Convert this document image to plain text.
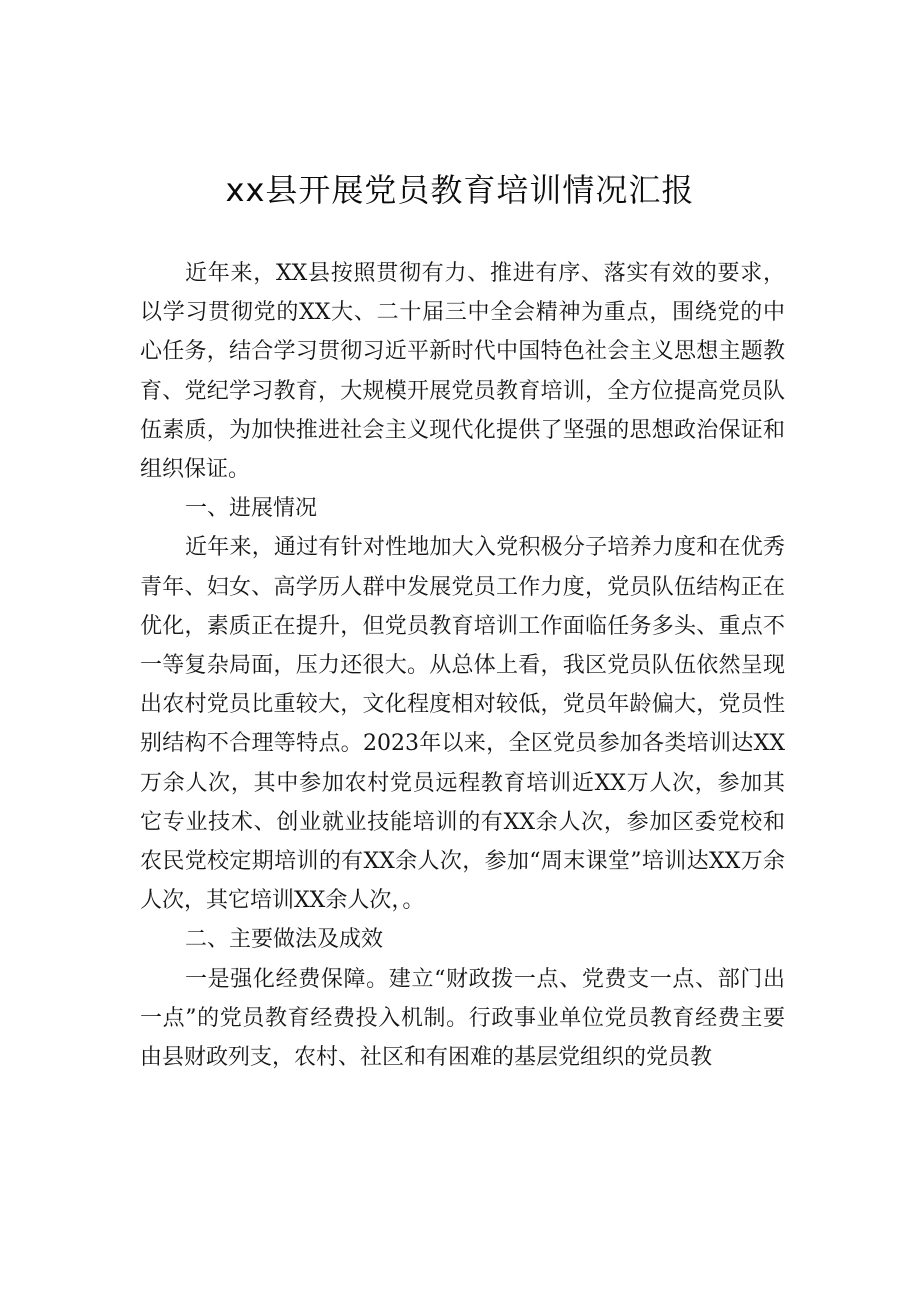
xx县开展党员教育培训情况汇报

近年来，XX县按照贯彻有力、推进有序、落实有效的要求，以学习贯彻党的XX大、二十届三中全会精神为重点，围绕党的中心任务，结合学习贯彻习近平新时代中国特色社会主义思想主题教育、党纪学习教育，大规模开展党员教育培训，全方位提高党员队伍素质，为加快推进社会主义现代化提供了坚强的思想政治保证和组织保证。

一、进展情况

近年来，通过有针对性地加大入党积极分子培养力度和在优秀青年、妇女、高学历人群中发展党员工作力度，党员队伍结构正在优化，素质正在提升，但党员教育培训工作面临任务多头、重点不一等复杂局面，压力还很大。从总体上看，我区党员队伍依然呈现出农村党员比重较大，文化程度相对较低，党员年龄偏大，党员性别结构不合理等特点。2023年以来，全区党员参加各类培训达XX万余人次，其中参加农村党员远程教育培训近XX万人次，参加其它专业技术、创业就业技能培训的有XX余人次，参加区委党校和农民党校定期培训的有XX余人次，参加“周末课堂”培训达XX万余人次，其它培训XX余人次，。

二、主要做法及成效

一是强化经费保障。建立“财政拨一点、党费支一点、部门出一点”的党员教育经费投入机制。行政事业单位党员教育经费主要由县财政列支，农村、社区和有困难的基层党组织的党员教
